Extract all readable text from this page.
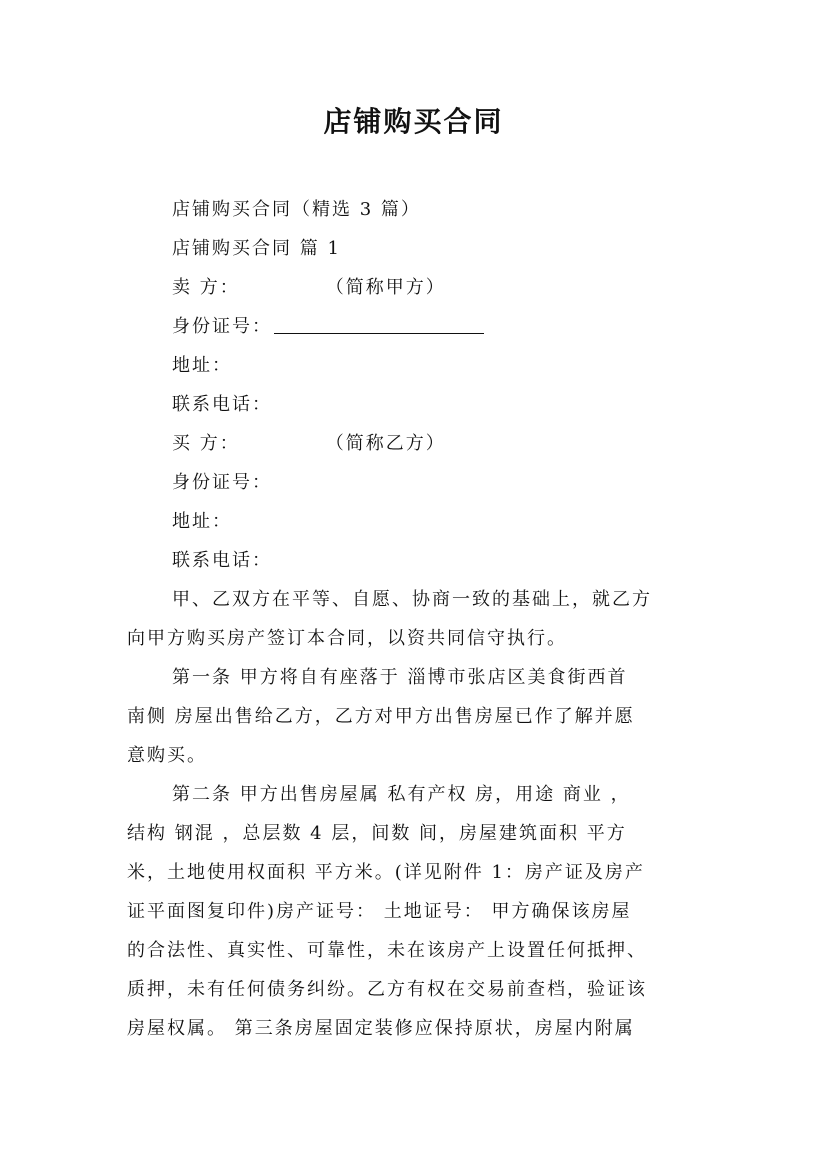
店铺购买合同
店铺购买合同（精选 3 篇）
店铺购买合同 篇 1
卖 方：	（简称甲方）
身份证号：
地址：
联系电话：
买 方：	（简称乙方）
身份证号：
地址：
联系电话：
甲、乙双方在平等、自愿、协商一致的基础上，就乙方
向甲方购买房产签订本合同，以资共同信守执行。
第一条 甲方将自有座落于 淄博市张店区美食街西首
南侧 房屋出售给乙方，乙方对甲方出售房屋已作了解并愿
意购买。
第二条 甲方出售房屋属 私有产权 房，用途 商业 ，
结构 钢混 ，总层数 4 层，间数 间，房屋建筑面积 平方
米，土地使用权面积 平方米。(详见附件 1：房产证及房产
证平面图复印件)房产证号： 土地证号： 甲方确保该房屋
的合法性、真实性、可靠性，未在该房产上设置任何抵押、
质押，未有任何债务纠纷。乙方有权在交易前查档，验证该
房屋权属。 第三条房屋固定装修应保持原状，房屋内附属
